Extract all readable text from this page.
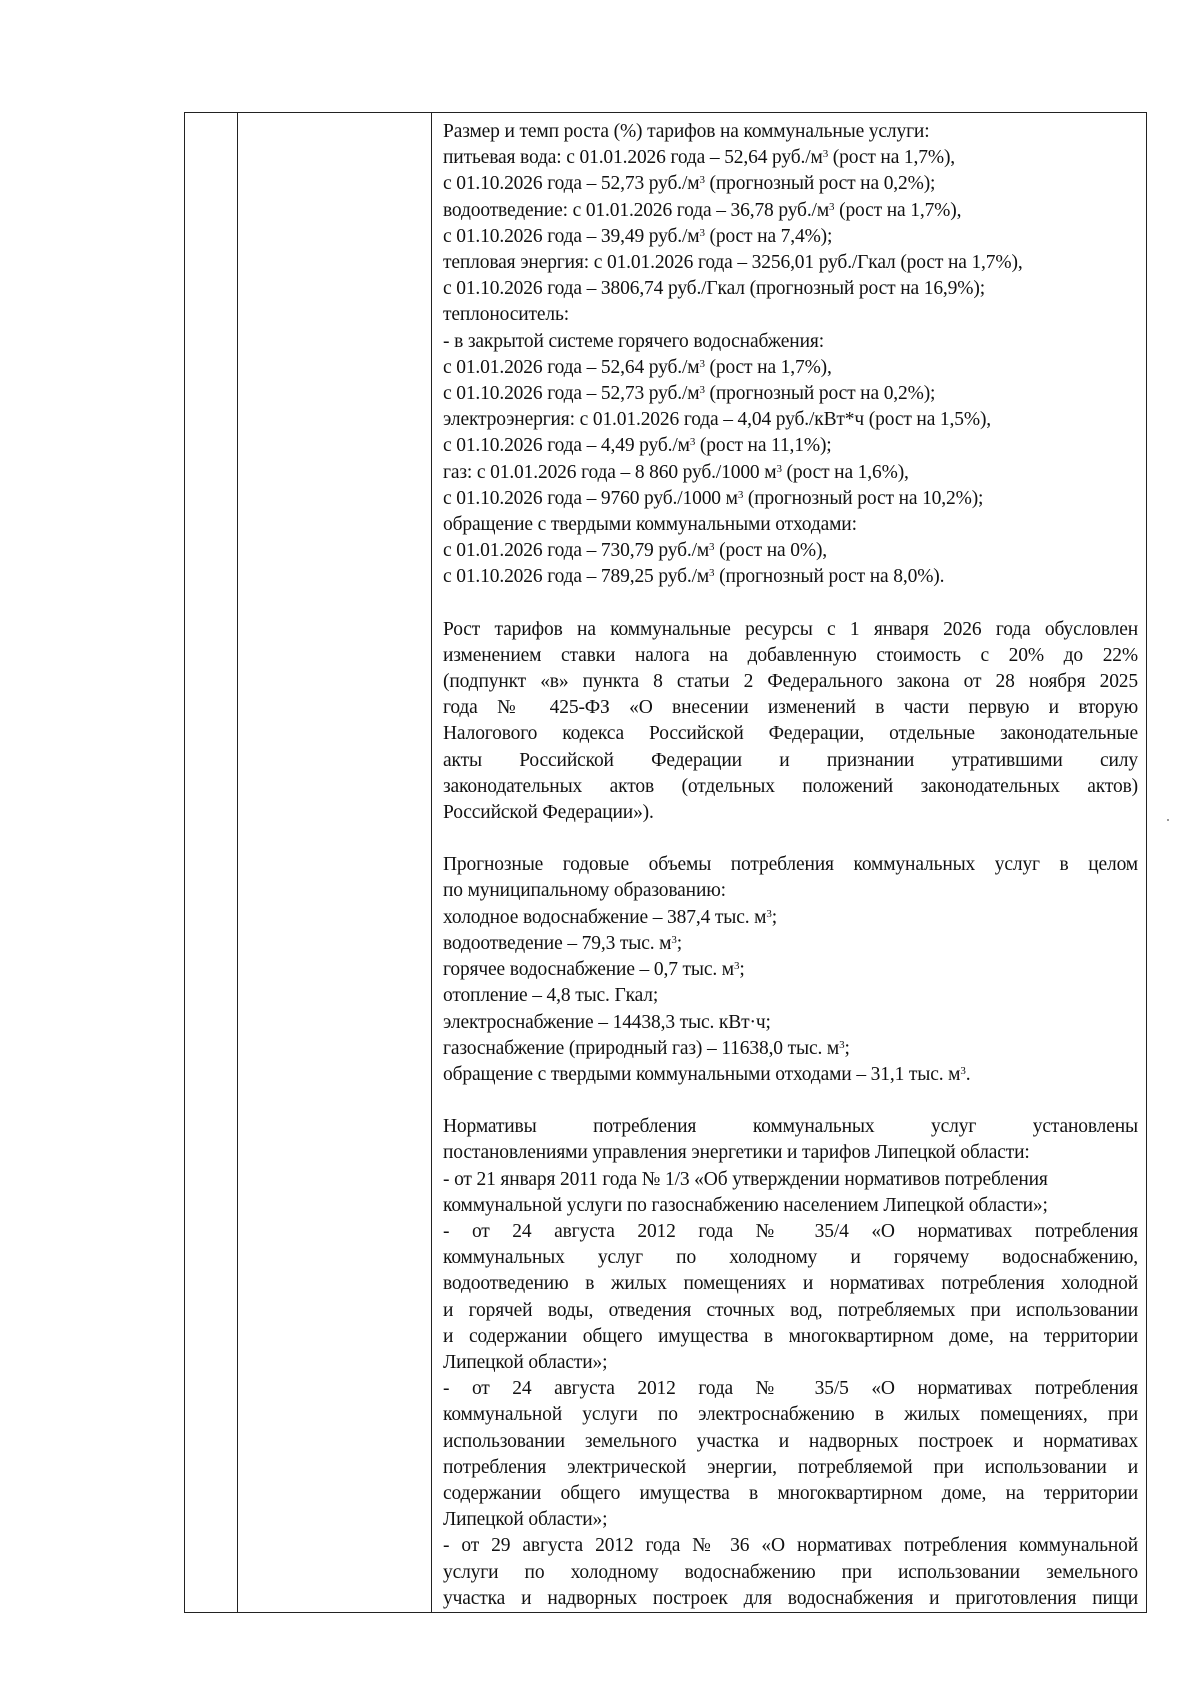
Размер и темп роста (%) тарифов на коммунальные услуги:
питьевая вода: с 01.01.2026 года – 52,64 $руб./м^3$ (рост на 1,7%),
с 01.10.2026 года – 52,73 $руб./м^3$ (прогнозный рост на 0,2%);
водоотведение: с 01.01.2026 года – 36,78 $руб./м^3$ (рост на 1,7%),
с 01.10.2026 года – 39,49 $руб./м^3$ (рост на 7,4%);
тепловая энергия: с 01.01.2026 года – 3256,01 руб./Гкал (рост на 1,7%),
с 01.10.2026 года – 3806,74 руб./Гкал (прогнозный рост на 16,9%);
теплоноситель:
- в закрытой системе горячего водоснабжения:
с 01.01.2026 года – 52,64 $руб./м^3$ (рост на 1,7%),
с 01.10.2026 года – 52,73 $руб./м^3$ (прогнозный рост на 0,2%);
электроэнергия: с 01.01.2026 года – 4,04 руб./кВт*ч (рост на 1,5%),
с 01.10.2026 года – 4,49 $руб./м^3$ (рост на 11,1%);
газ: с 01.01.2026 года – 8 860 руб./1000 $м^3$ (рост на 1,6%),
с 01.10.2026 года – 9760 руб./1000 $м^3$ (прогнозный рост на 10,2%);
обращение с твердыми коммунальными отходами:
с 01.01.2026 года – 730,79 $руб./м^3$ (рост на 0%),
с 01.10.2026 года – 789,25 $руб./м^3$ (прогнозный рост на 8,0%).

Рост тарифов на коммунальные ресурсы с 1 января 2026 года обусловлен
изменением ставки налога на добавленную стоимость с 20% до 22%
(подпункт «в» пункта 8 статьи 2 Федерального закона от 28 ноября 2025
года № 425-ФЗ «О внесении изменений в части первую и вторую
Налогового кодекса Российской Федерации, отдельные законодательные
акты Российской Федерации и признании утратившими силу
законодательных актов (отдельных положений законодательных актов)
Российской Федерации»).

Прогнозные годовые объемы потребления коммунальных услуг в целом
по муниципальному образованию:
холодное водоснабжение – 387,4 тыс. $м^3$;
водоотведение – 79,3 тыс. $м^3$;
горячее водоснабжение – 0,7 тыс. $м^3$;
отопление – 4,8 тыс. Гкал;
электроснабжение – 14438,3 тыс. кВт·ч;
газоснабжение (природный газ) – 11638,0 тыс. $м^3$;
обращение с твердыми коммунальными отходами – 31,1 тыс. $м^3$.

Нормативы потребления коммунальных услуг установлены
постановлениями управления энергетики и тарифов Липецкой области:
- от 21 января 2011 года № 1/3 «Об утверждении нормативов потребления
коммунальной услуги по газоснабжению населением Липецкой области»;
- от 24 августа 2012 года № 35/4 «О нормативах потребления
коммунальных услуг по холодному и горячему водоснабжению,
водоотведению в жилых помещениях и нормативах потребления холодной
и горячей воды, отведения сточных вод, потребляемых при использовании
и содержании общего имущества в многоквартирном доме, на территории
Липецкой области»;
- от 24 августа 2012 года № 35/5 «О нормативах потребления
коммунальной услуги по электроснабжению в жилых помещениях, при
использовании земельного участка и надворных построек и нормативах
потребления электрической энергии, потребляемой при использовании и
содержании общего имущества в многоквартирном доме, на территории
Липецкой области»;
- от 29 августа 2012 года № 36 «О нормативах потребления коммунальной
услуги по холодному водоснабжению при использовании земельного
участка и надворных построек для водоснабжения и приготовления пищи
